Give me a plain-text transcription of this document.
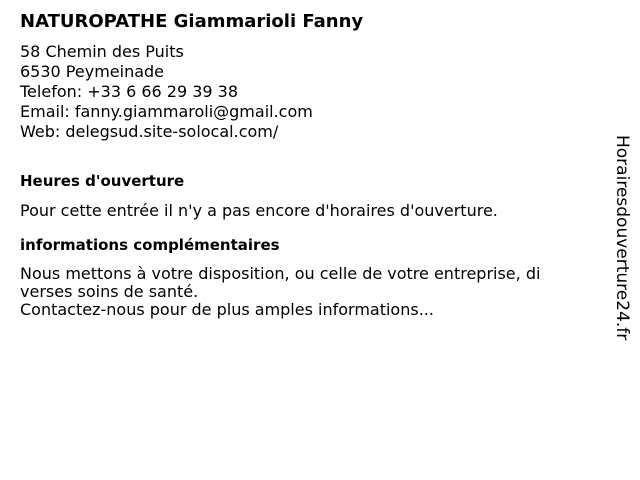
NATUROPATHE Giammarioli Fanny
58 Chemin des Puits
6530 Peymeinade
Telefon: +33 6 66 29 39 38
Email: fanny.giammaroli@gmail.com
Web: delegsud.site-solocal.com/
Heures d'ouverture
Pour cette entrée il n'y a pas encore d'horaires d'ouverture.
informations complémentaires
Nous mettons à votre disposition, ou celle de votre entreprise, di verses soins de santé.
Contactez-nous pour de plus amples informations...	Horairesdouverture24.fr
